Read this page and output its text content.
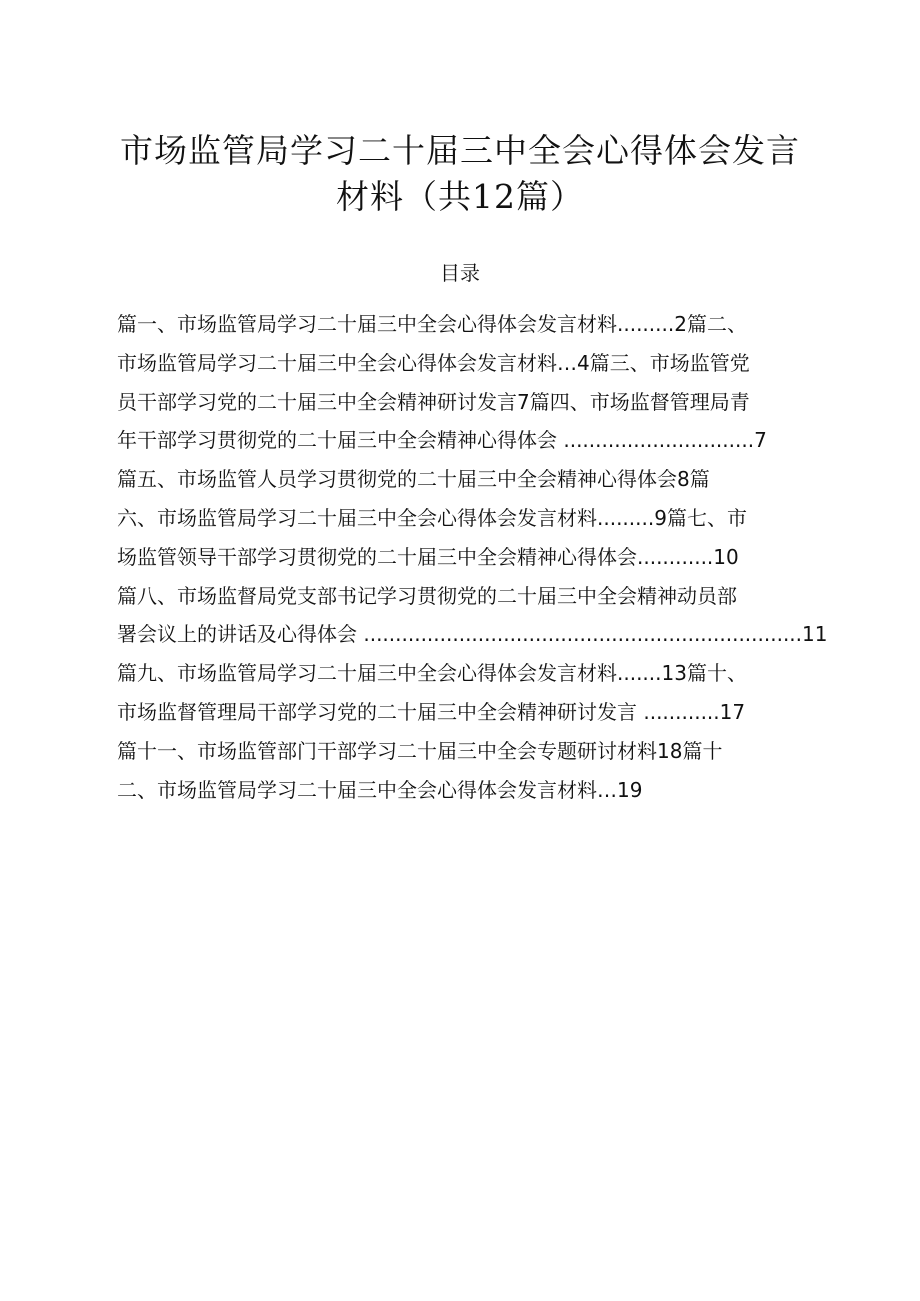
市场监管局学习二十届三中全会心得体会发言
材料（共12篇）
目录
篇一、市场监管局学习二十届三中全会心得体会发言材料.........2篇二、
市场监管局学习二十届三中全会心得体会发言材料…4篇三、市场监管党
员干部学习党的二十届三中全会精神研讨发言7篇四、市场监督管理局青
年干部学习贯彻党的二十届三中全会精神心得体会 ..............................7
篇五、市场监管人员学习贯彻党的二十届三中全会精神心得体会8篇
六、市场监管局学习二十届三中全会心得体会发言材料.........9篇七、市
场监管领导干部学习贯彻党的二十届三中全会精神心得体会............10
篇八、市场监督局党支部书记学习贯彻党的二十届三中全会精神动员部
署会议上的讲话及心得体会 .....................................................................11
篇九、市场监管局学习二十届三中全会心得体会发言材料.......13篇十、
市场监督管理局干部学习党的二十届三中全会精神研讨发言 ............17
篇十一、市场监管部门干部学习二十届三中全会专题研讨材料18篇十
二、市场监管局学习二十届三中全会心得体会发言材料…19
